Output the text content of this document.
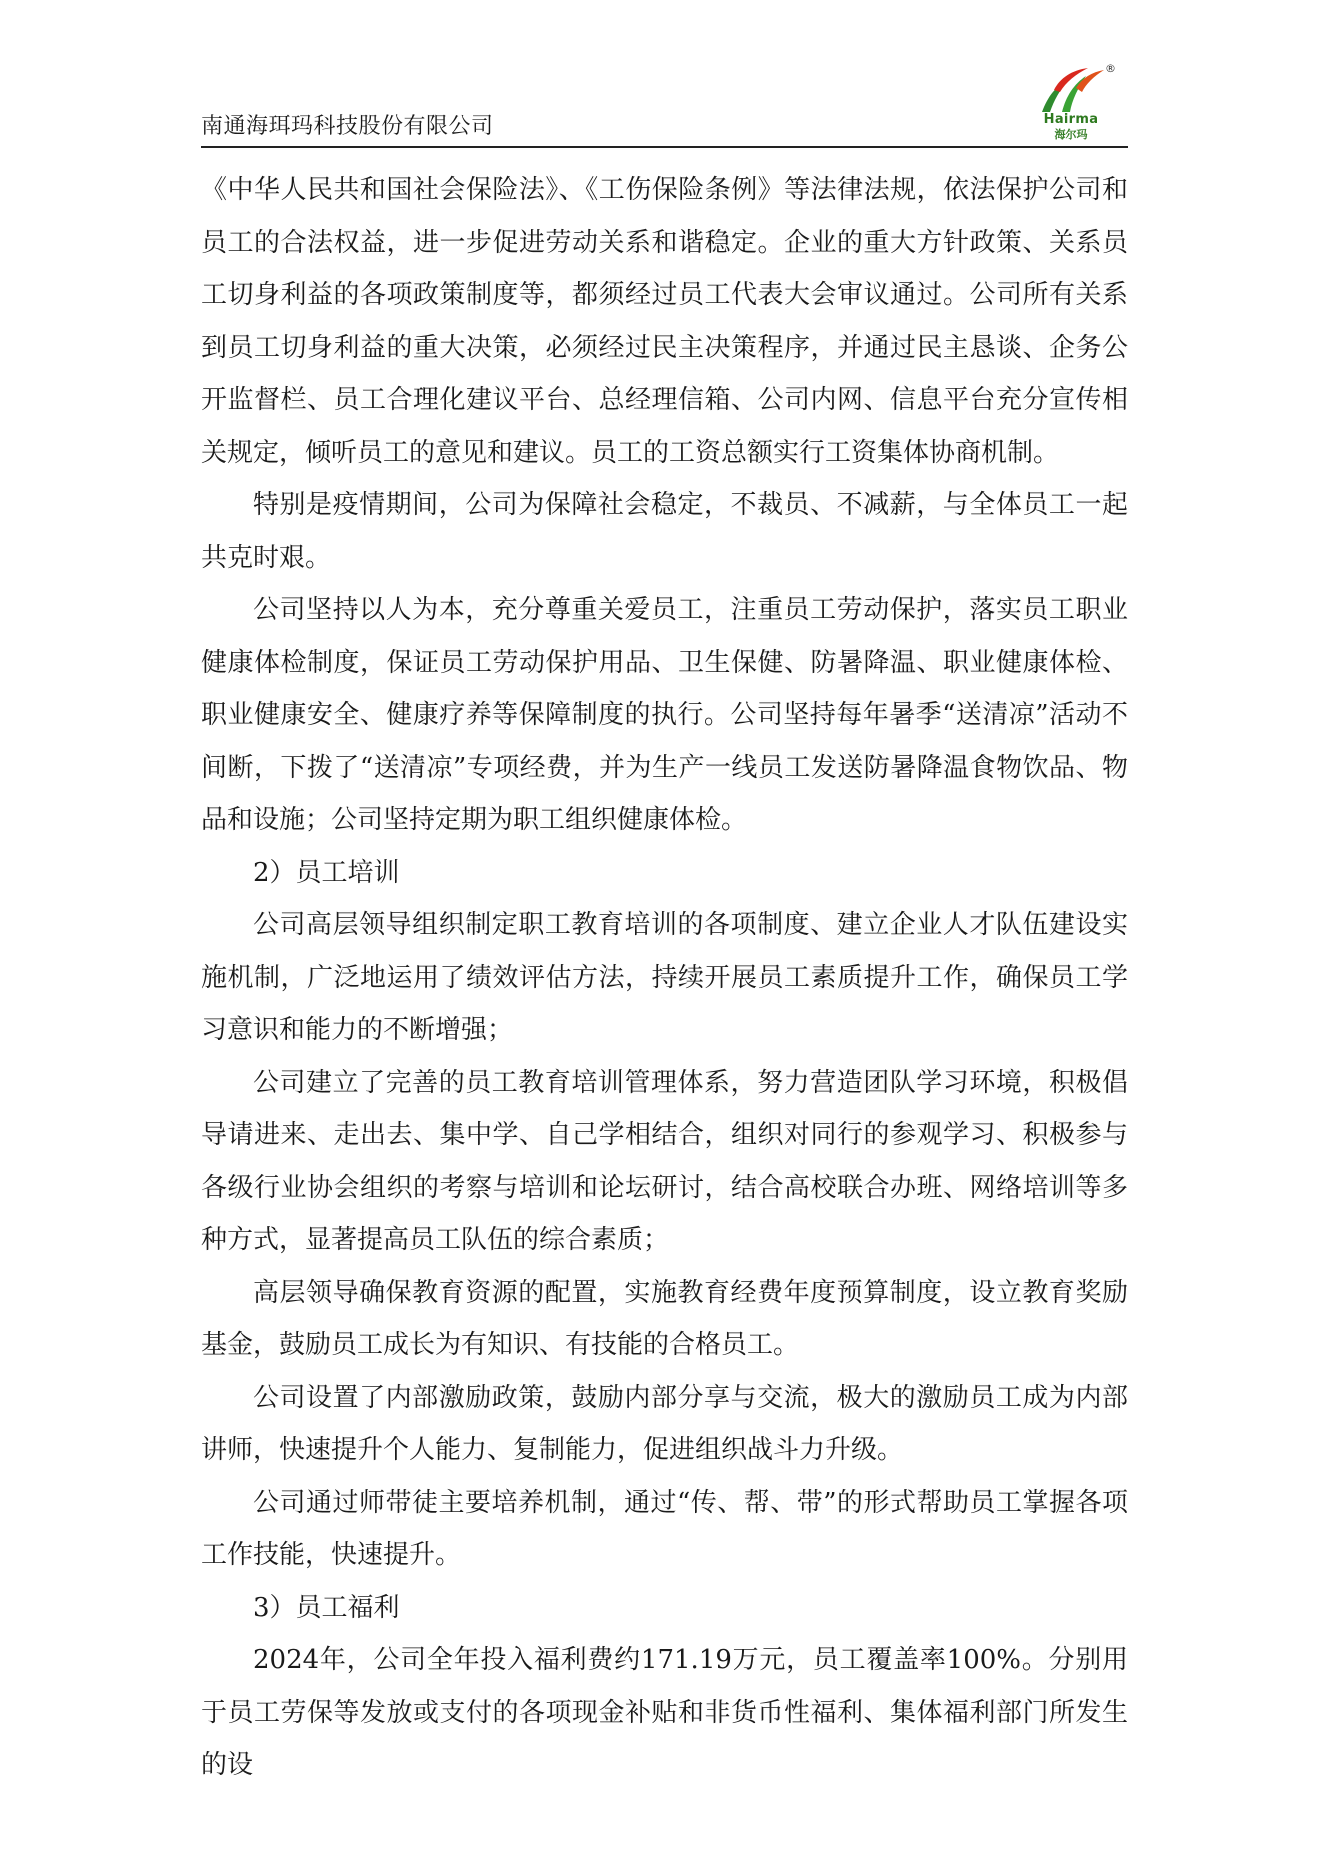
南通海珥玛科技股份有限公司
®
Hairma
海尔玛

《中华人民共和国社会保险法》、《工伤保险条例》等法律法规，依法保护公司和员工的合法权益，进一步促进劳动关系和谐稳定。企业的重大方针政策、关系员工切身利益的各项政策制度等，都须经过员工代表大会审议通过。公司所有关系到员工切身利益的重大决策，必须经过民主决策程序，并通过民主恳谈、企务公开监督栏、员工合理化建议平台、总经理信箱、公司内网、信息平台充分宣传相关规定，倾听员工的意见和建议。员工的工资总额实行工资集体协商机制。

特别是疫情期间，公司为保障社会稳定，不裁员、不减薪，与全体员工一起共克时艰。

公司坚持以人为本，充分尊重关爱员工，注重员工劳动保护，落实员工职业健康体检制度，保证员工劳动保护用品、卫生保健、防暑降温、职业健康体检、职业健康安全、健康疗养等保障制度的执行。公司坚持每年暑季“送清凉”活动不间断，下拨了“送清凉”专项经费，并为生产一线员工发送防暑降温食物饮品、物品和设施；公司坚持定期为职工组织健康体检。

2）员工培训

公司高层领导组织制定职工教育培训的各项制度、建立企业人才队伍建设实施机制，广泛地运用了绩效评估方法，持续开展员工素质提升工作，确保员工学习意识和能力的不断增强；

公司建立了完善的员工教育培训管理体系，努力营造团队学习环境，积极倡导请进来、走出去、集中学、自己学相结合，组织对同行的参观学习、积极参与各级行业协会组织的考察与培训和论坛研讨，结合高校联合办班、网络培训等多种方式，显著提高员工队伍的综合素质；

高层领导确保教育资源的配置，实施教育经费年度预算制度，设立教育奖励基金，鼓励员工成长为有知识、有技能的合格员工。

公司设置了内部激励政策，鼓励内部分享与交流，极大的激励员工成为内部讲师，快速提升个人能力、复制能力，促进组织战斗力升级。

公司通过师带徒主要培养机制，通过“传、帮、带”的形式帮助员工掌握各项工作技能，快速提升。

3）员工福利

2024年，公司全年投入福利费约171.19万元，员工覆盖率100%。分别用于员工劳保等发放或支付的各项现金补贴和非货币性福利、集体福利部门所发生的设
